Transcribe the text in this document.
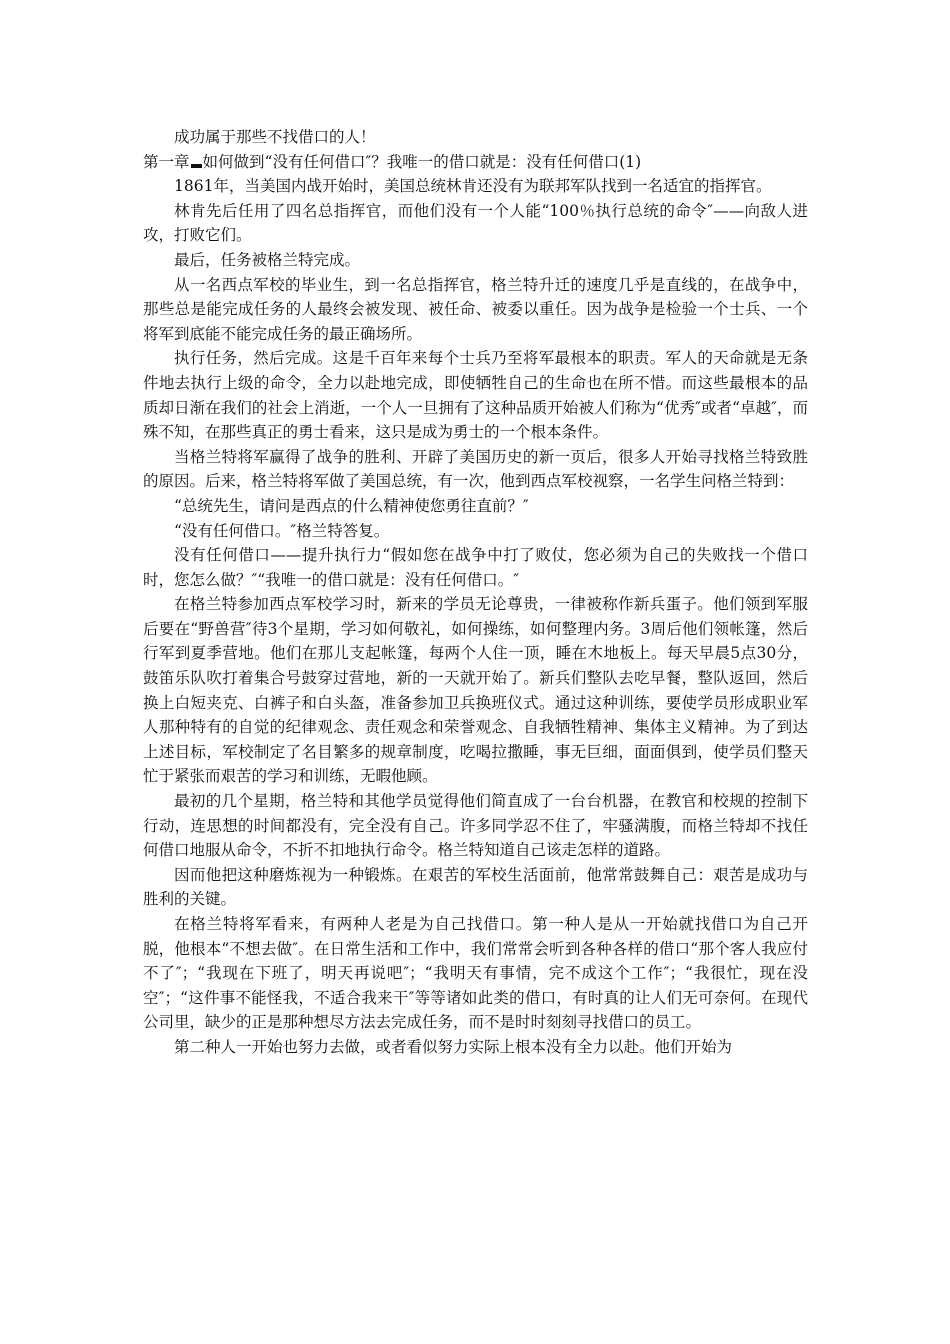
成功属于那些不找借口的人！

第一章 如何做到“没有任何借口″？我唯一的借口就是：没有任何借口(1)

1861年，当美国内战开始时，美国总统林肯还没有为联邦军队找到一名适宜的指挥官。

林肯先后任用了四名总指挥官，而他们没有一个人能“100％执行总统的命令″——向敌人进攻，打败它们。

最后，任务被格兰特完成。

从一名西点军校的毕业生，到一名总指挥官，格兰特升迁的速度几乎是直线的，在战争中，那些总是能完成任务的人最终会被发现、被任命、被委以重任。因为战争是检验一个士兵、一个将军到底能不能完成任务的最正确场所。

执行任务，然后完成。这是千百年来每个士兵乃至将军最根本的职责。军人的天命就是无条件地去执行上级的命令，全力以赴地完成，即使牺牲自己的生命也在所不惜。而这些最根本的品质却日渐在我们的社会上消逝，一个人一旦拥有了这种品质开始被人们称为“优秀″或者“卓越″，而殊不知，在那些真正的勇士看来，这只是成为勇士的一个根本条件。

当格兰特将军赢得了战争的胜利、开辟了美国历史的新一页后，很多人开始寻找格兰特致胜的原因。后来，格兰特将军做了美国总统，有一次，他到西点军校视察，一名学生问格兰特到：

“总统先生，请问是西点的什么精神使您勇往直前？″

“没有任何借口。″格兰特答复。

没有任何借口——提升执行力“假如您在战争中打了败仗，您必须为自己的失败找一个借口时，您怎么做？″“我唯一的借口就是：没有任何借口。″

在格兰特参加西点军校学习时，新来的学员无论尊贵，一律被称作新兵蛋子。他们领到军服后要在“野兽营″待3个星期，学习如何敬礼，如何操练，如何整理内务。3周后他们领帐篷，然后行军到夏季营地。他们在那儿支起帐篷，每两个人住一顶，睡在木地板上。每天早晨5点30分，鼓笛乐队吹打着集合号鼓穿过营地，新的一天就开始了。新兵们整队去吃早餐，整队返回，然后换上白短夹克、白裤子和白头盔，准备参加卫兵换班仪式。通过这种训练，要使学员形成职业军人那种特有的自觉的纪律观念、责任观念和荣誉观念、自我牺牲精神、集体主义精神。为了到达上述目标，军校制定了名目繁多的规章制度，吃喝拉撒睡，事无巨细，面面俱到，使学员们整天忙于紧张而艰苦的学习和训练，无暇他顾。

最初的几个星期，格兰特和其他学员觉得他们简直成了一台台机器，在教官和校规的控制下行动，连思想的时间都没有，完全没有自己。许多同学忍不住了，牢骚满腹，而格兰特却不找任何借口地服从命令，不折不扣地执行命令。格兰特知道自己该走怎样的道路。

因而他把这种磨炼视为一种锻炼。在艰苦的军校生活面前，他常常鼓舞自己：艰苦是成功与胜利的关键。

在格兰特将军看来，有两种人老是为自己找借口。第一种人是从一开始就找借口为自己开脱，他根本“不想去做″。在日常生活和工作中，我们常常会听到各种各样的借口“那个客人我应付不了″；“我现在下班了，明天再说吧″；“我明天有事情，完不成这个工作″；“我很忙，现在没空″；“这件事不能怪我，不适合我来干″等等诸如此类的借口，有时真的让人们无可奈何。在现代公司里，缺少的正是那种想尽方法去完成任务，而不是时时刻刻寻找借口的员工。

第二种人一开始也努力去做，或者看似努力实际上根本没有全力以赴。他们开始为
